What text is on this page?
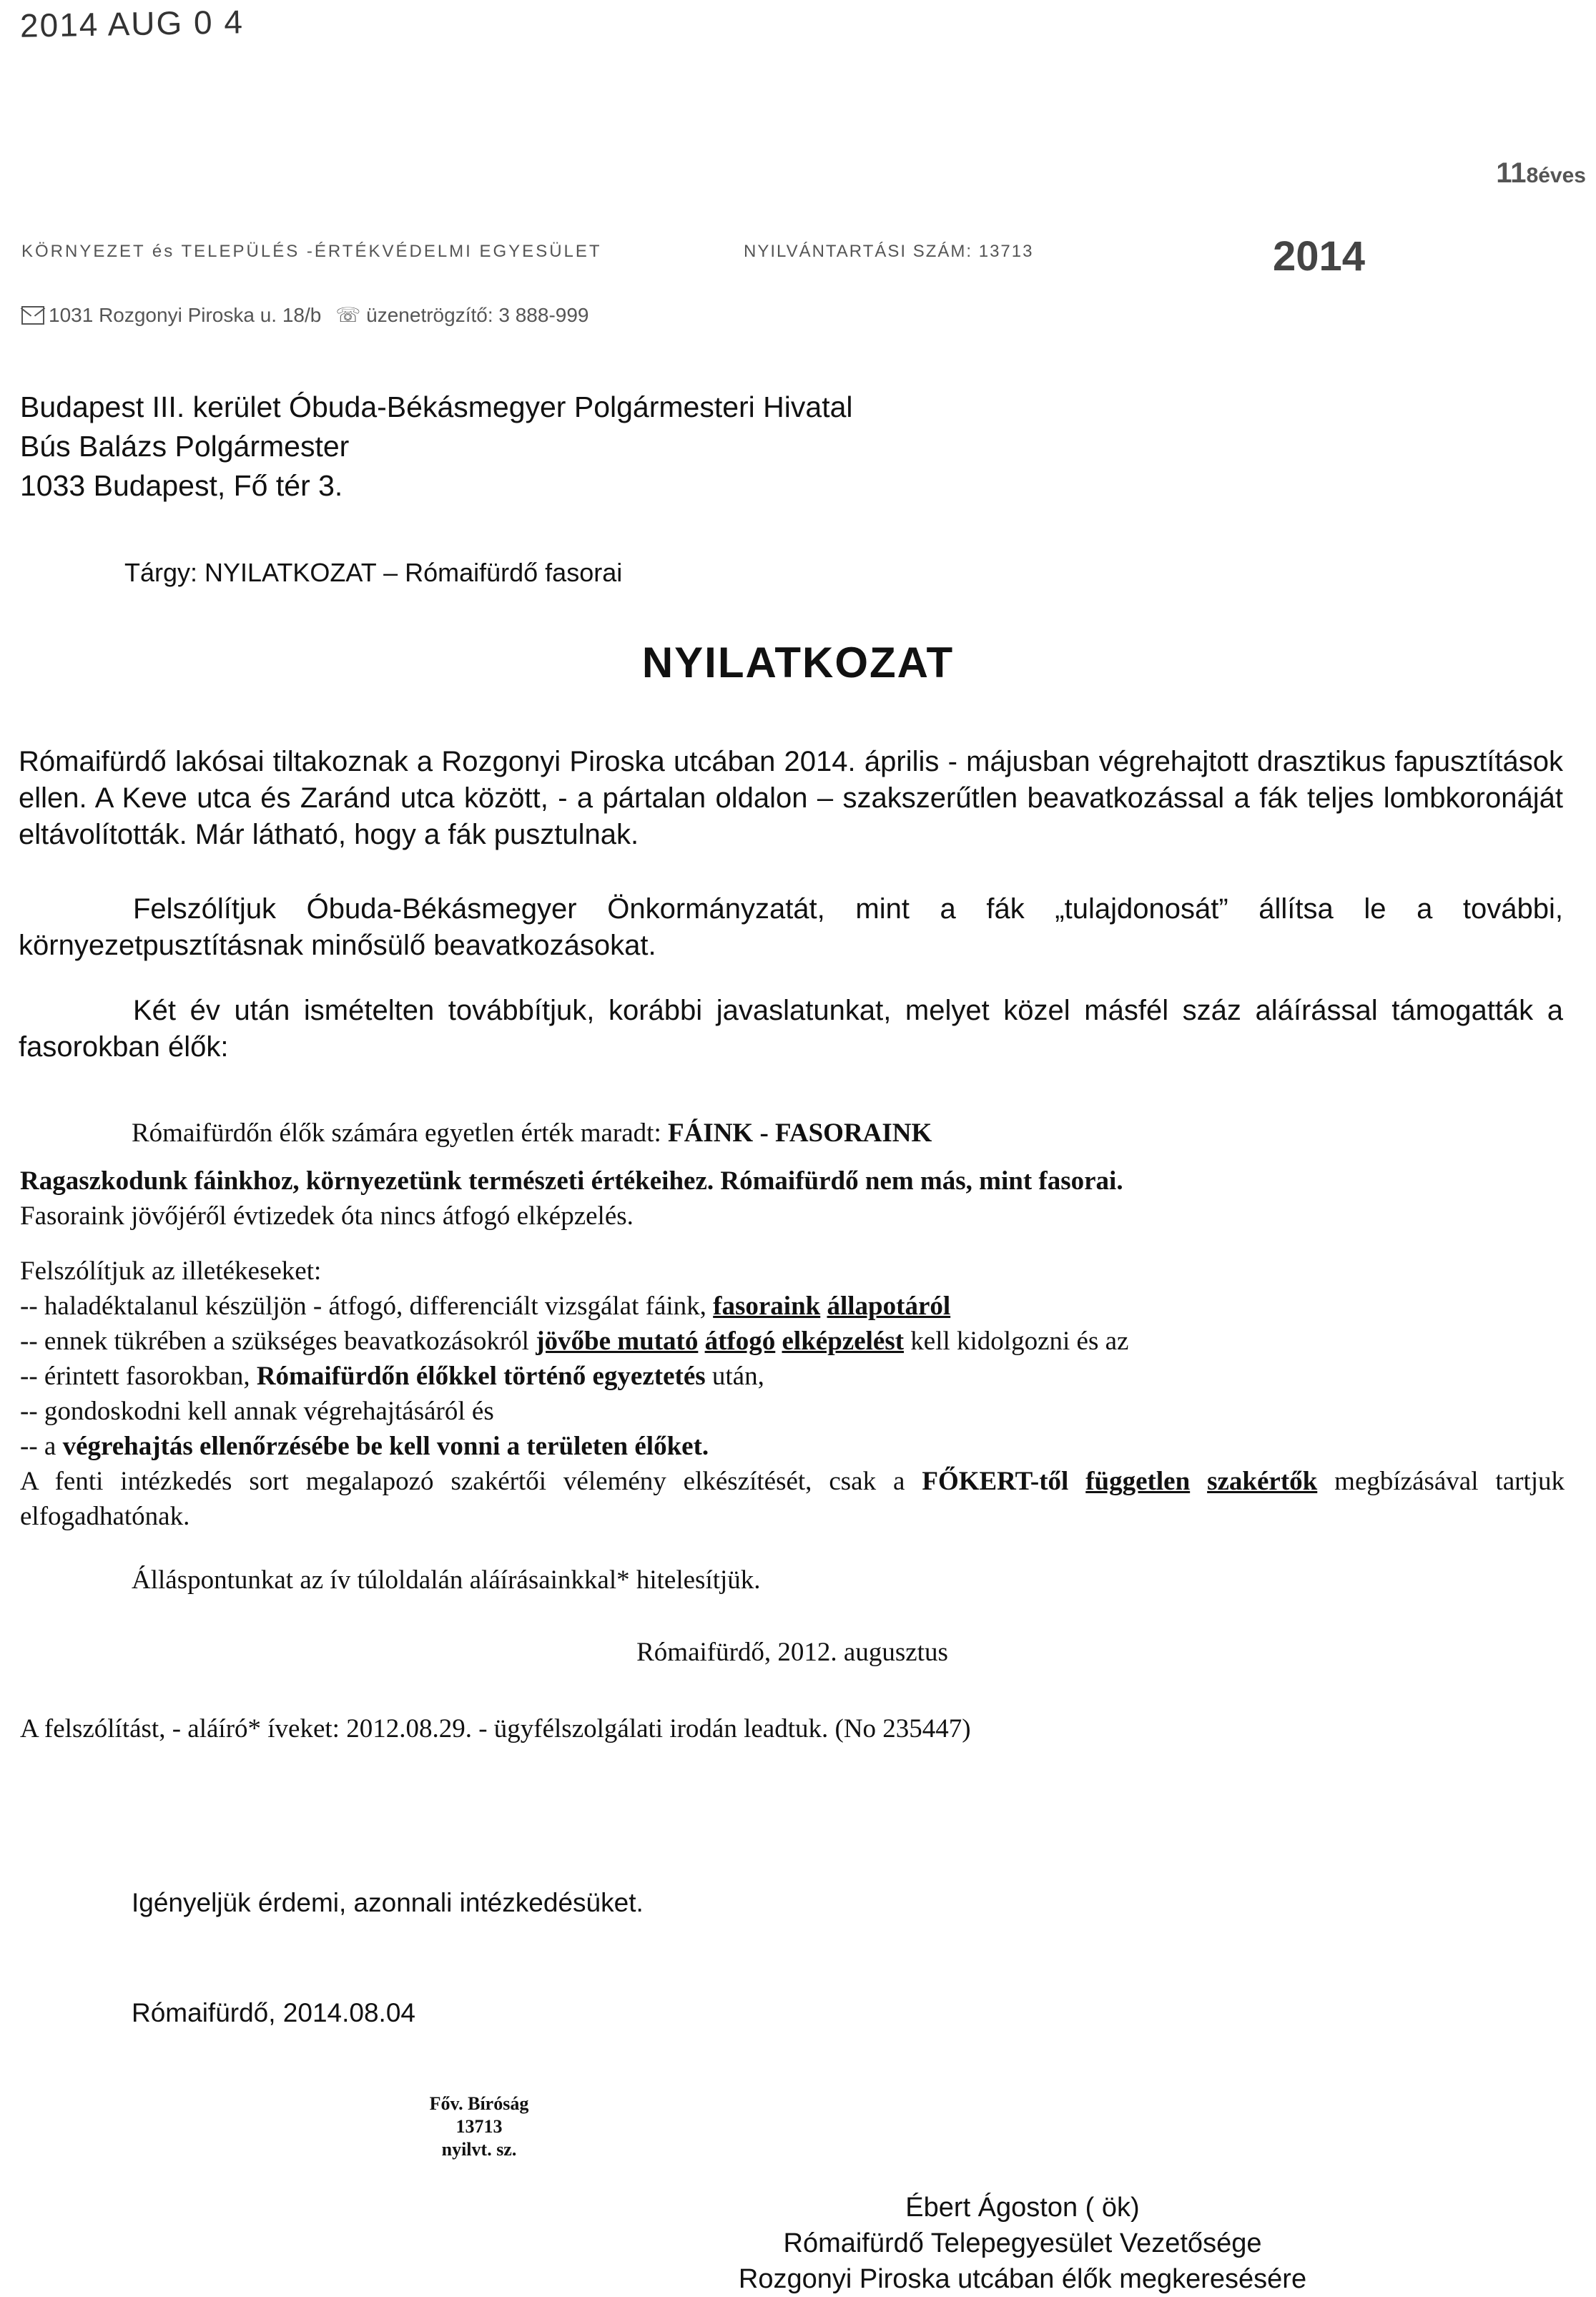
2014 AUG 0 4
118éves
KÖRNYEZET és TELEPÜLÉS -ÉRTÉKVÉDELMI EGYESÜLET	NYILVÁNTARTÁSI SZÁM: 13713	2014
1031 Rozgonyi Piroska u. 18/b ☏ üzenetrögzítő: 3 888-999
Budapest III. kerület Óbuda-Békásmegyer Polgármesteri Hivatal
Bús Balázs Polgármester
1033 Budapest, Fő tér 3.
Tárgy: NYILATKOZAT – Rómaifürdő fasorai
NYILATKOZAT
Rómaifürdő lakósai tiltakoznak a Rozgonyi Piroska utcában 2014. április - májusban végrehajtott drasztikus fapusztítások ellen. A Keve utca és Zaránd utca között, - a pártalan oldalon – szakszerűtlen beavatkozással a fák teljes lombkoronáját eltávolították. Már látható, hogy a fák pusztulnak.
Felszólítjuk Óbuda-Békásmegyer Önkormányzatát, mint a fák „tulajdonosát” állítsa le a további, környezetpusztításnak minősülő beavatkozásokat.
Két év után ismételten továbbítjuk, korábbi javaslatunkat, melyet közel másfél száz aláírással támogatták a fasorokban élők:
Rómaifürdőn élők számára egyetlen érték maradt: FÁINK - FASORAINK
Ragaszkodunk fáinkhoz, környezetünk természeti értékeihez. Rómaifürdő nem más, mint fasorai.
Fasoraink jövőjéről évtizedek óta nincs átfogó elképzelés.
Felszólítjuk az illetékeseket:
-- haladéktalanul készüljön - átfogó, differenciált vizsgálat fáink, fasoraink állapotáról
-- ennek tükrében a szükséges beavatkozásokról jövőbe mutató átfogó elképzelést kell kidolgozni és az
-- érintett fasorokban, Rómaifürdőn élőkkel történő egyeztetés után,
-- gondoskodni kell annak végrehajtásáról és
-- a végrehajtás ellenőrzésébe be kell vonni a területen élőket.
A fenti intézkedés sort megalapozó szakértői vélemény elkészítését, csak a FŐKERT-től független szakértők megbízásával tartjuk elfogadhatónak.
Álláspontunkat az ív túloldalán aláírásainkkal* hitelesítjük.
Rómaifürdő, 2012. augusztus
A felszólítást, - aláíró* íveket: 2012.08.29. - ügyfélszolgálati irodán leadtuk. (No 235447)
Igényeljük érdemi, azonnali intézkedésüket.
Rómaifürdő, 2014.08.04
Főv. Bíróság
13713
nyilvt. sz.
Ébert Ágoston ( ök)
Rómaifürdő Telepegyesület Vezetősége
Rozgonyi Piroska utcában élők megkeresésére
